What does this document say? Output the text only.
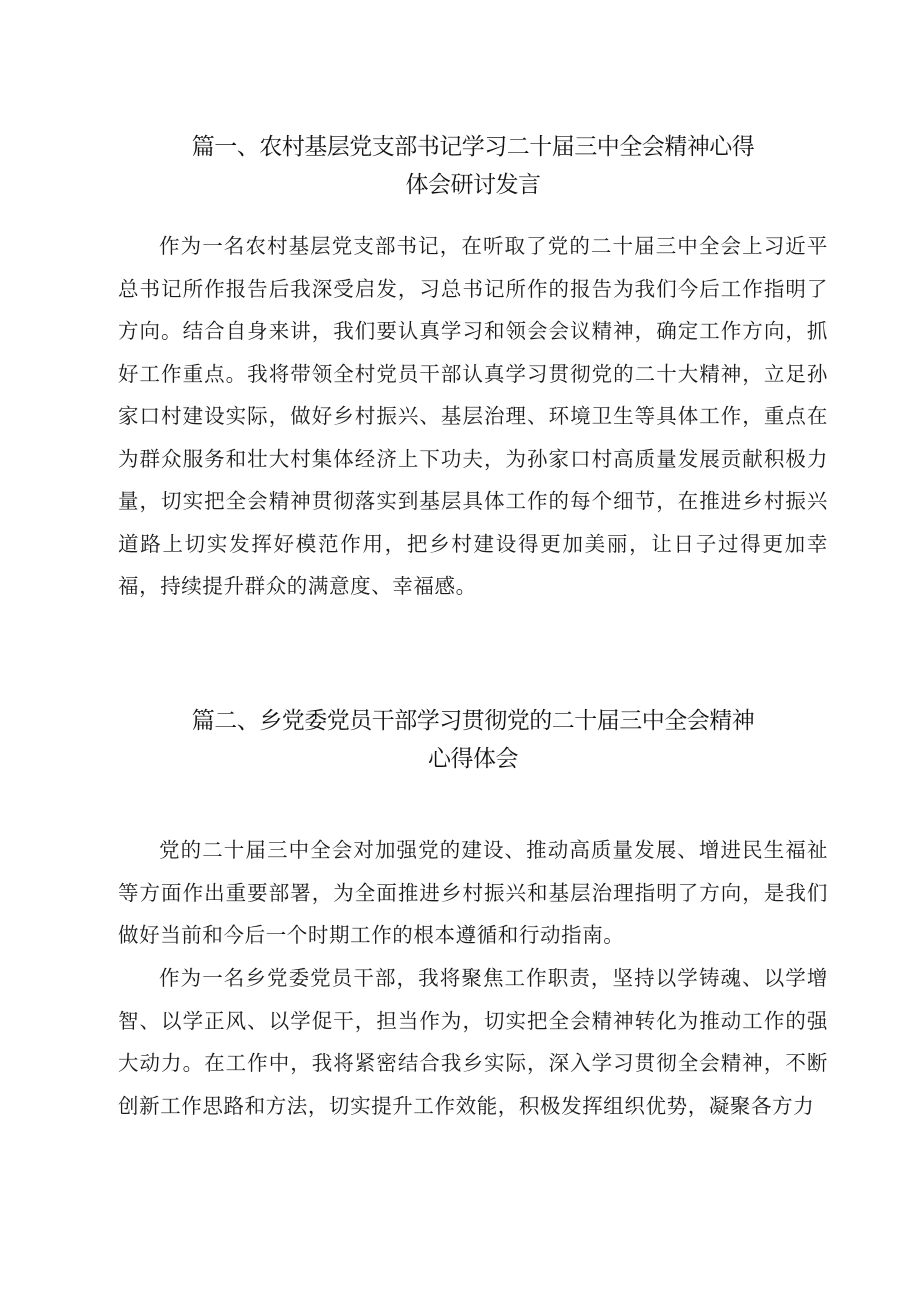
篇一、农村基层党支部书记学习二十届三中全会精神心得
体会研讨发言

作为一名农村基层党支部书记，在听取了党的二十届三中全会上习近平总书记所作报告后我深受启发，习总书记所作的报告为我们今后工作指明了方向。结合自身来讲，我们要认真学习和领会会议精神，确定工作方向，抓好工作重点。我将带领全村党员干部认真学习贯彻党的二十大精神，立足孙家口村建设实际，做好乡村振兴、基层治理、环境卫生等具体工作，重点在为群众服务和壮大村集体经济上下功夫，为孙家口村高质量发展贡献积极力量，切实把全会精神贯彻落实到基层具体工作的每个细节，在推进乡村振兴道路上切实发挥好模范作用，把乡村建设得更加美丽，让日子过得更加幸福，持续提升群众的满意度、幸福感。

篇二、乡党委党员干部学习贯彻党的二十届三中全会精神
心得体会

党的二十届三中全会对加强党的建设、推动高质量发展、增进民生福祉等方面作出重要部署，为全面推进乡村振兴和基层治理指明了方向，是我们做好当前和今后一个时期工作的根本遵循和行动指南。

作为一名乡党委党员干部，我将聚焦工作职责，坚持以学铸魂、以学增智、以学正风、以学促干，担当作为，切实把全会精神转化为推动工作的强大动力。在工作中，我将紧密结合我乡实际，深入学习贯彻全会精神，不断创新工作思路和方法，切实提升工作效能，积极发挥组织优势，凝聚各方力
